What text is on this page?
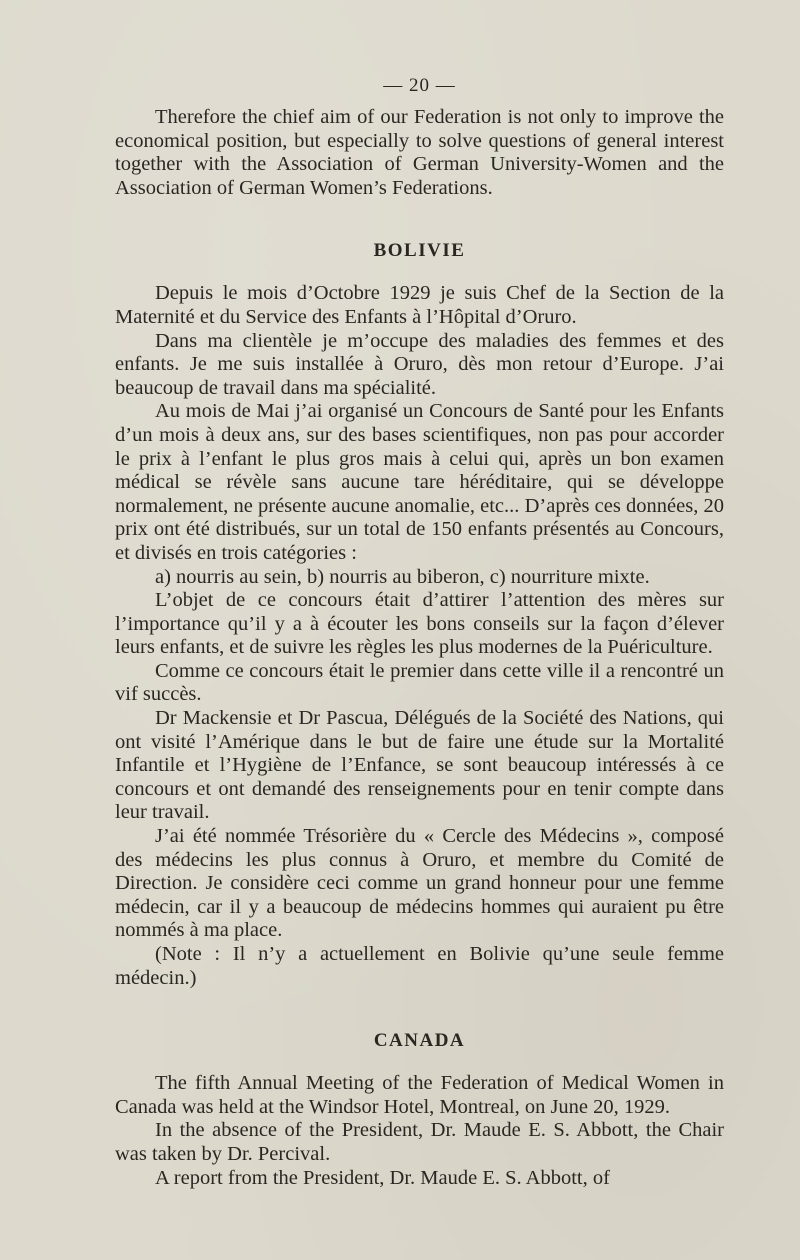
— 20 —

Therefore the chief aim of our Federation is not only to improve the economical position, but especially to solve questions of general interest together with the Association of German University-Women and the Association of German Women’s Federations.

BOLIVIE

Depuis le mois d’Octobre 1929 je suis Chef de la Section de la Maternité et du Service des Enfants à l’Hôpital d’Oruro.

Dans ma clientèle je m’occupe des maladies des femmes et des enfants. Je me suis installée à Oruro, dès mon retour d’Europe. J’ai beaucoup de travail dans ma spécialité.

Au mois de Mai j’ai organisé un Concours de Santé pour les Enfants d’un mois à deux ans, sur des bases scientifiques, non pas pour accorder le prix à l’enfant le plus gros mais à celui qui, après un bon examen médical se révèle sans aucune tare héréditaire, qui se développe normalement, ne présente aucune anomalie, etc... D’après ces données, 20 prix ont été distribués, sur un total de 150 enfants présentés au Concours, et divisés en trois catégories :

a) nourris au sein, b) nourris au biberon, c) nourriture mixte.

L’objet de ce concours était d’attirer l’attention des mères sur l’importance qu’il y a à écouter les bons conseils sur la façon d’élever leurs enfants, et de suivre les règles les plus modernes de la Puériculture.

Comme ce concours était le premier dans cette ville il a rencontré un vif succès.

Dr Mackensie et Dr Pascua, Délégués de la Société des Nations, qui ont visité l’Amérique dans le but de faire une étude sur la Mortalité Infantile et l’Hygiène de l’Enfance, se sont beaucoup intéressés à ce concours et ont demandé des renseignements pour en tenir compte dans leur travail.

J’ai été nommée Trésorière du « Cercle des Médecins », composé des médecins les plus connus à Oruro, et membre du Comité de Direction. Je considère ceci comme un grand honneur pour une femme médecin, car il y a beaucoup de médecins hommes qui auraient pu être nommés à ma place.

(Note : Il n’y a actuellement en Bolivie qu’une seule femme médecin.)

CANADA

The fifth Annual Meeting of the Federation of Medical Women in Canada was held at the Windsor Hotel, Montreal, on June 20, 1929.

In the absence of the President, Dr. Maude E. S. Abbott, the Chair was taken by Dr. Percival.

A report from the President, Dr. Maude E. S. Abbott, of
